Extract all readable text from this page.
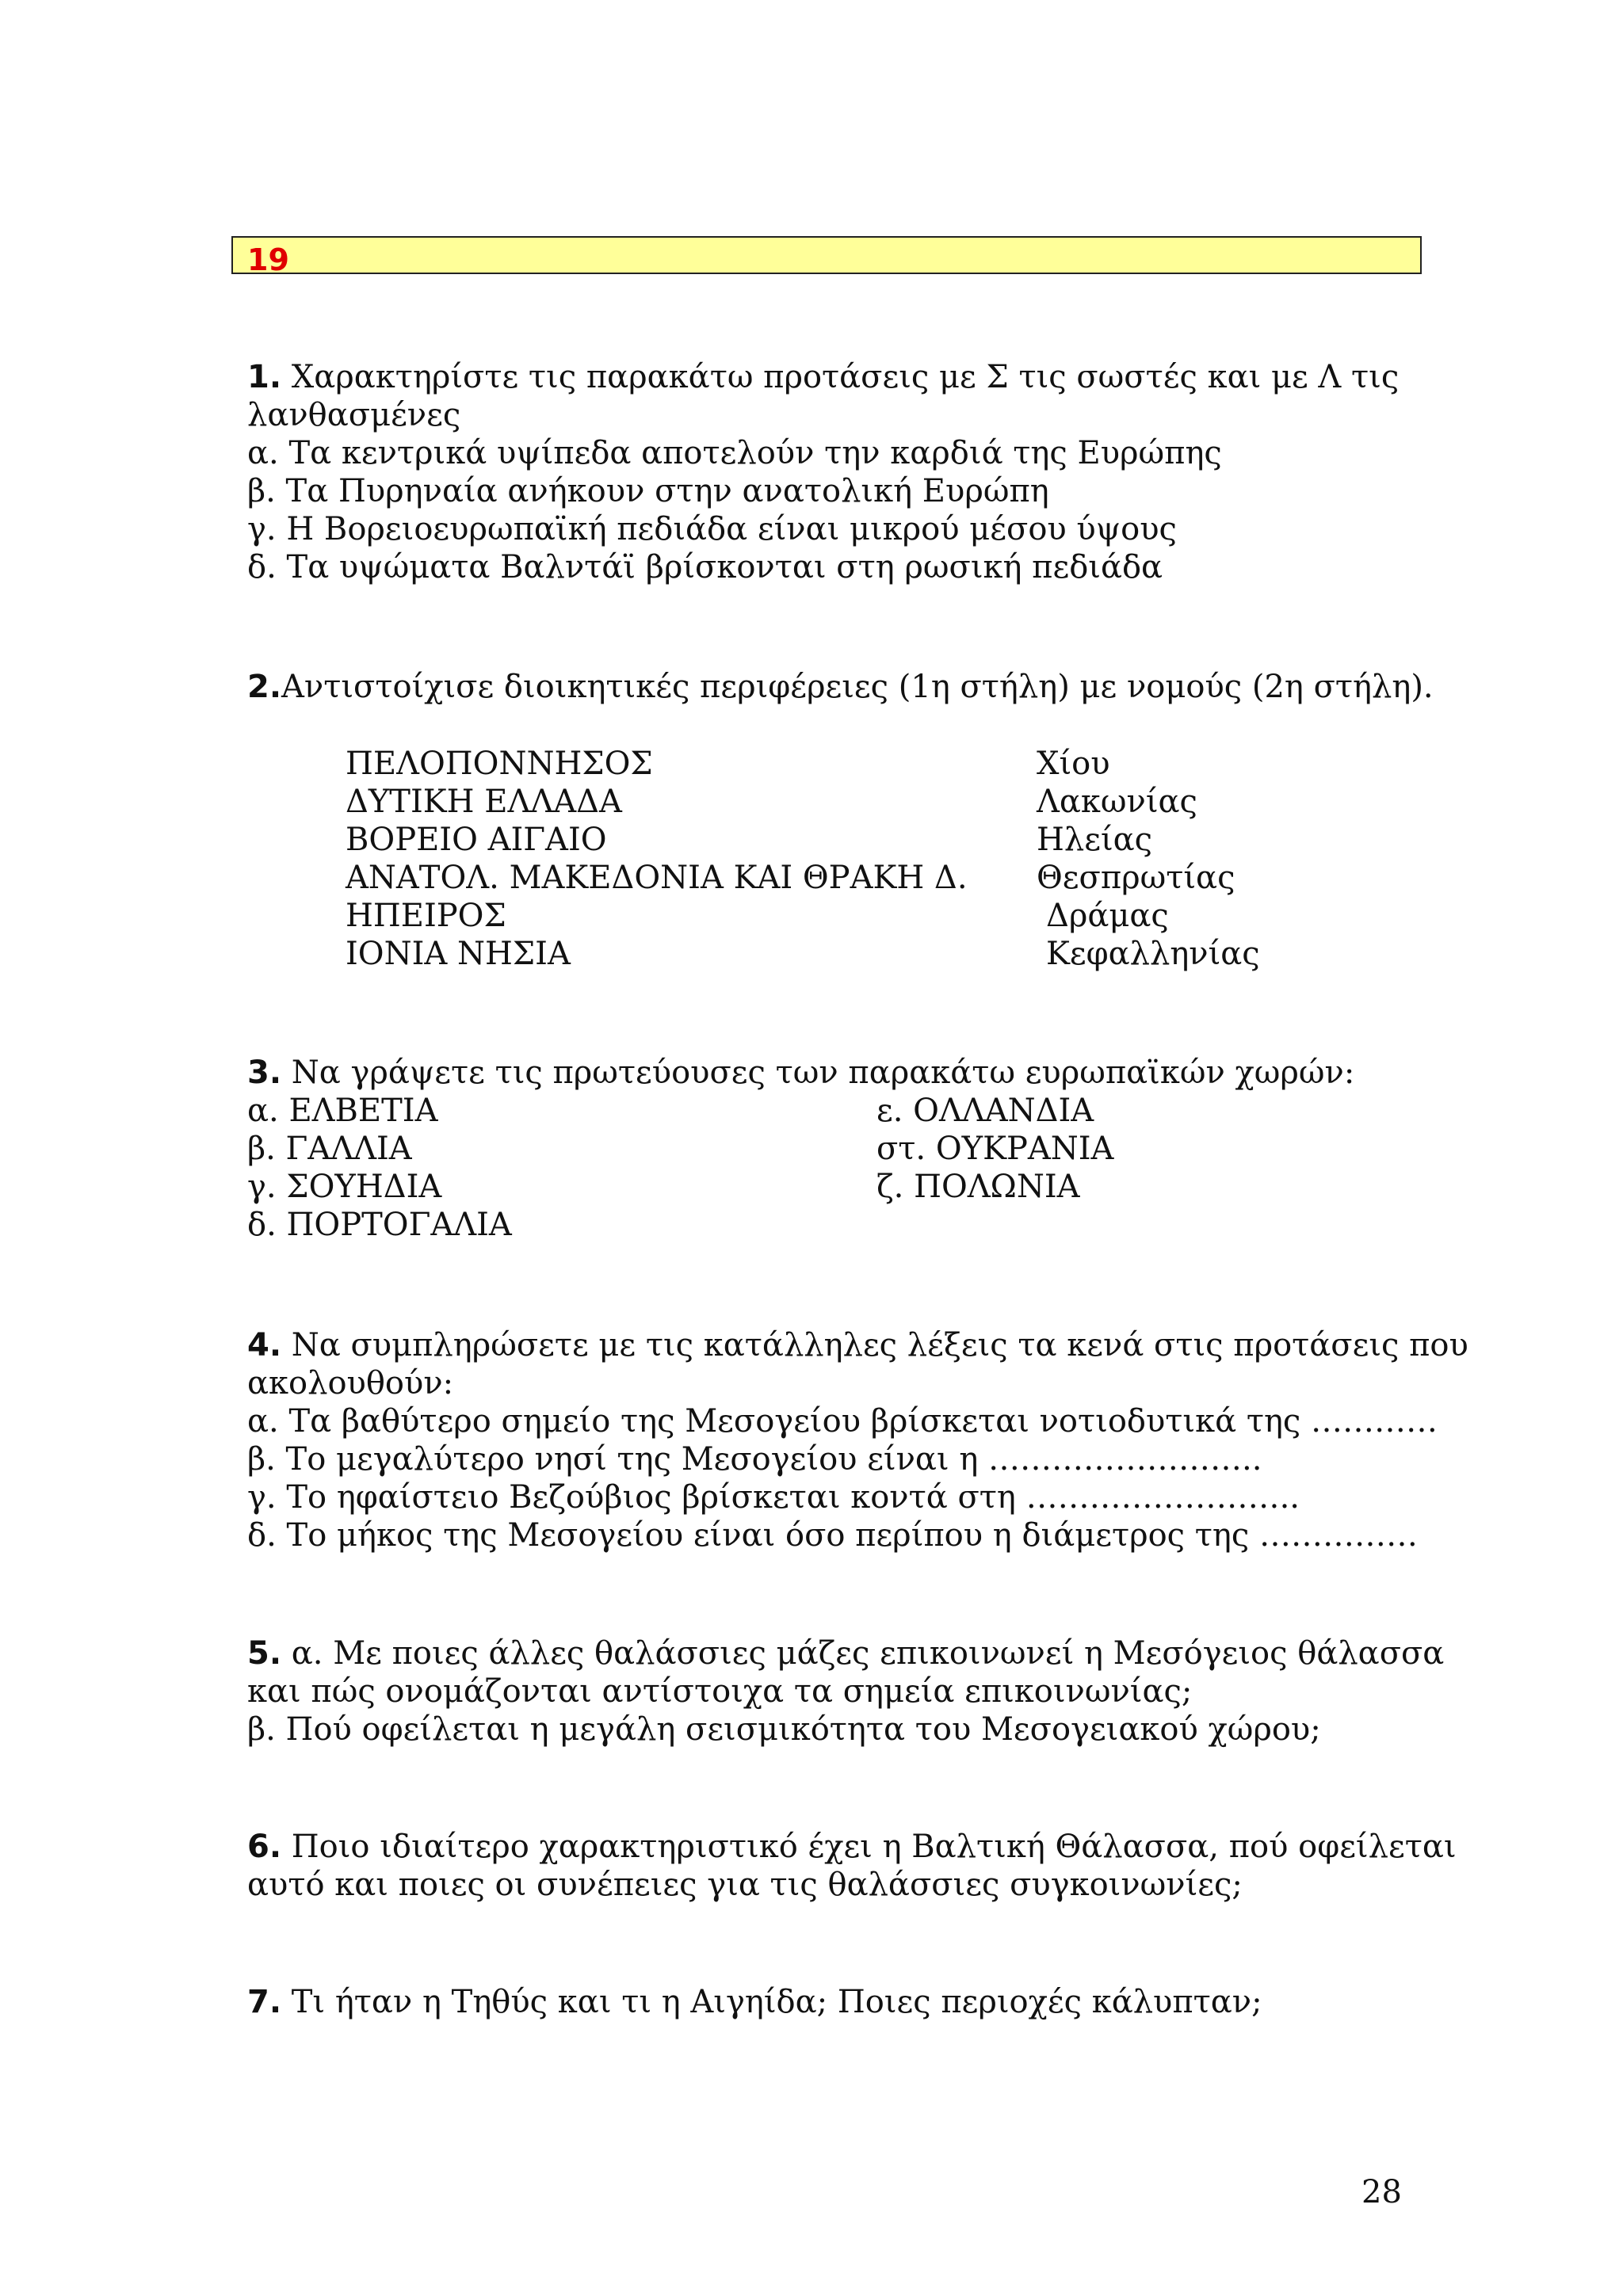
19
1. Χαρακτηρίστε τις παρακάτω προτάσεις με Σ τις σωστές και με Λ τις
λανθασμένες
α. Τα κεντρικά υψίπεδα αποτελούν την καρδιά της Ευρώπης
β. Τα Πυρηναία ανήκουν στην ανατολική Ευρώπη
γ. Η Βορειοευρωπαϊκή πεδιάδα είναι μικρού μέσου ύψους
δ. Τα υψώματα Βαλντάϊ βρίσκονται στη ρωσική πεδιάδα
2.Αντιστοίχισε διοικητικές περιφέρειες (1η στήλη) με νομούς (2η στήλη).
ΠΕΛΟΠΟΝΝΗΣΟΣ
ΔΥΤΙΚΗ ΕΛΛΑΔΑ
ΒΟΡΕΙΟ ΑΙΓΑΙΟ
ΑΝΑΤΟΛ. ΜΑΚΕΔΟΝΙΑ ΚΑΙ ΘΡΑΚΗ Δ.
ΗΠΕΙΡΟΣ
ΙΟΝΙΑ ΝΗΣΙΑ
Χίου
Λακωνίας
Ηλείας
Θεσπρωτίας
Δράμας
Κεφαλληνίας
3. Να γράψετε τις πρωτεύουσες των παρακάτω ευρωπαϊκών χωρών:
α. ΕΛΒΕΤΙΑ
β. ΓΑΛΛΙΑ
γ. ΣΟΥΗΔΙΑ
δ. ΠΟΡΤΟΓΑΛΙΑ
ε. ΟΛΛΑΝΔΙΑ
στ. ΟΥΚΡΑΝΙΑ
ζ. ΠΟΛΩΝΙΑ
4. Να συμπληρώσετε με τις κατάλληλες λέξεις τα κενά στις προτάσεις που
ακολουθούν:
α. Τα βαθύτερο σημείο της Μεσογείου βρίσκεται νοτιοδυτικά της …………
β. Το μεγαλύτερο νησί της Μεσογείου είναι η ……………………..
γ. Το ηφαίστειο Βεζούβιος βρίσκεται κοντά στη ……………………..
δ. Το μήκος της Μεσογείου είναι όσο περίπου η διάμετρος της ……………
5. α. Με ποιες άλλες θαλάσσιες μάζες επικοινωνεί η Μεσόγειος θάλασσα
και πώς ονομάζονται αντίστοιχα τα σημεία επικοινωνίας;
β. Πού οφείλεται η μεγάλη σεισμικότητα του Μεσογειακού χώρου;
6. Ποιο ιδιαίτερο χαρακτηριστικό έχει η Βαλτική Θάλασσα, πού οφείλεται
αυτό και ποιες οι συνέπειες για τις θαλάσσιες συγκοινωνίες;
7. Τι ήταν η Τηθύς και τι η Αιγηίδα; Ποιες περιοχές κάλυπταν;
28
